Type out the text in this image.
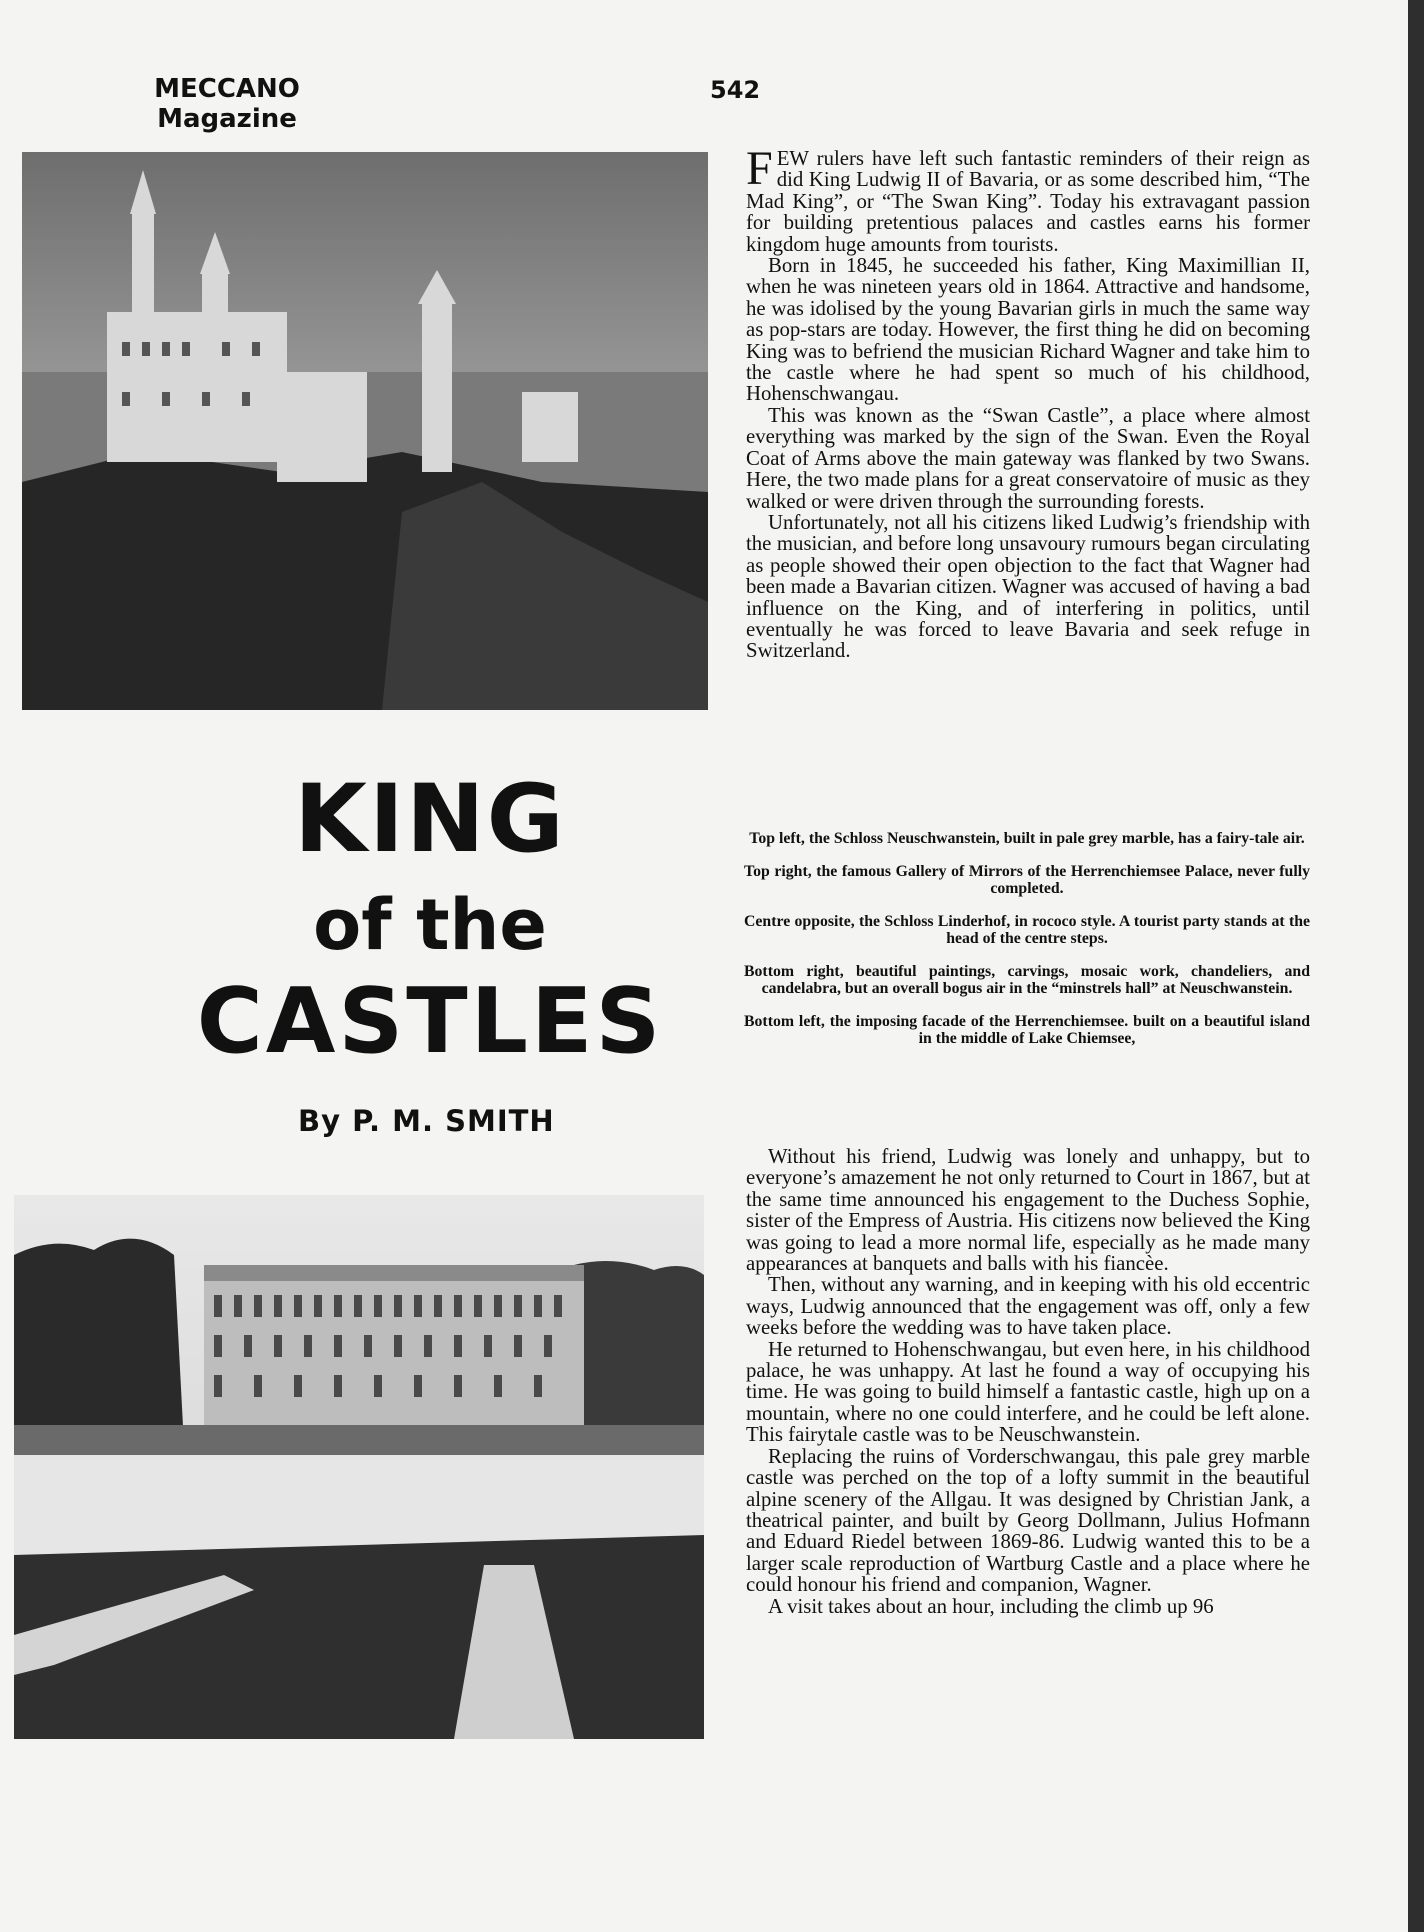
MECCANO
Magazine
542
KING
of the
CASTLES
By P. M. SMITH

FEW rulers have left such fantastic reminders of their reign as did King Ludwig II of Bavaria, or as some described him, “The Mad King”, or “The Swan King”. Today his extravagant passion for building pretentious palaces and castles earns his former kingdom huge amounts from tourists.

Born in 1845, he succeeded his father, King Maximillian II, when he was nineteen years old in 1864. Attractive and handsome, he was idolised by the young Bavarian girls in much the same way as pop-stars are today. However, the first thing he did on becoming King was to befriend the musician Richard Wagner and take him to the castle where he had spent so much of his childhood, Hohenschwangau.

This was known as the “Swan Castle”, a place where almost everything was marked by the sign of the Swan. Even the Royal Coat of Arms above the main gateway was flanked by two Swans. Here, the two made plans for a great conservatoire of music as they walked or were driven through the surrounding forests.

Unfortunately, not all his citizens liked Ludwig’s friendship with the musician, and before long unsavoury rumours began circulating as people showed their open objection to the fact that Wagner had been made a Bavarian citizen. Wagner was accused of having a bad influence on the King, and of interfering in politics, until eventually he was forced to leave Bavaria and seek refuge in Switzerland.

Top left, the Schloss Neuschwanstein, built in pale grey marble, has a fairy-tale air.

Top right, the famous Gallery of Mirrors of the Herrenchiemsee Palace, never fully completed.

Centre opposite, the Schloss Linderhof, in rococo style. A tourist party stands at the head of the centre steps.

Bottom right, beautiful paintings, carvings, mosaic work, chandeliers, and candelabra, but an overall bogus air in the “minstrels hall” at Neuschwanstein.

Bottom left, the imposing facade of the Herrenchiemsee. built on a beautiful island in the middle of Lake Chiemsee,

Without his friend, Ludwig was lonely and unhappy, but to everyone’s amazement he not only returned to Court in 1867, but at the same time announced his engagement to the Duchess Sophie, sister of the Empress of Austria. His citizens now believed the King was going to lead a more normal life, especially as he made many appearances at banquets and balls with his fiancèe.

Then, without any warning, and in keeping with his old eccentric ways, Ludwig announced that the engagement was off, only a few weeks before the wedding was to have taken place.

He returned to Hohenschwangau, but even here, in his childhood palace, he was unhappy. At last he found a way of occupying his time. He was going to build himself a fantastic castle, high up on a mountain, where no one could interfere, and he could be left alone. This fairytale castle was to be Neuschwanstein.

Replacing the ruins of Vorderschwangau, this pale grey marble castle was perched on the top of a lofty summit in the beautiful alpine scenery of the Allgau. It was designed by Christian Jank, a theatrical painter, and built by Georg Dollmann, Julius Hofmann and Eduard Riedel between 1869-86. Ludwig wanted this to be a larger scale reproduction of Wartburg Castle and a place where he could honour his friend and companion, Wagner.

A visit takes about an hour, including the climb up 96
